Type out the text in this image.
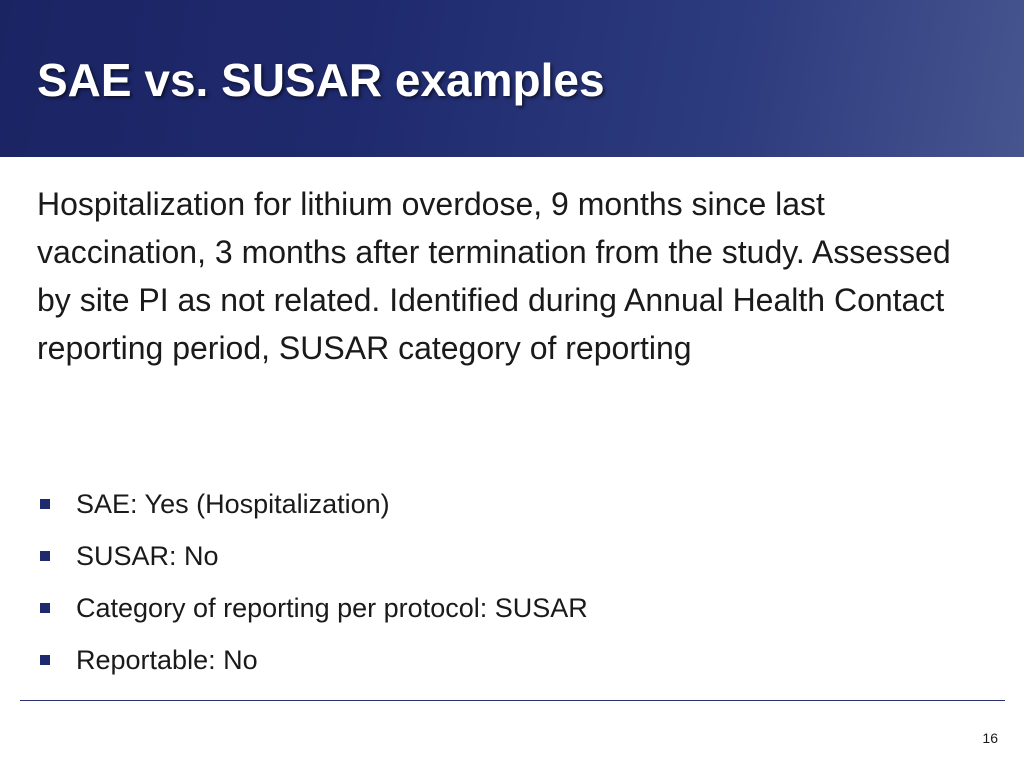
SAE vs. SUSAR examples

Hospitalization for lithium overdose, 9 months since last vaccination, 3 months after termination from the study. Assessed by site PI as not related. Identified during Annual Health Contact reporting period, SUSAR category of reporting

SAE: Yes (Hospitalization)
SUSAR: No
Category of reporting per protocol: SUSAR
Reportable: No
16
